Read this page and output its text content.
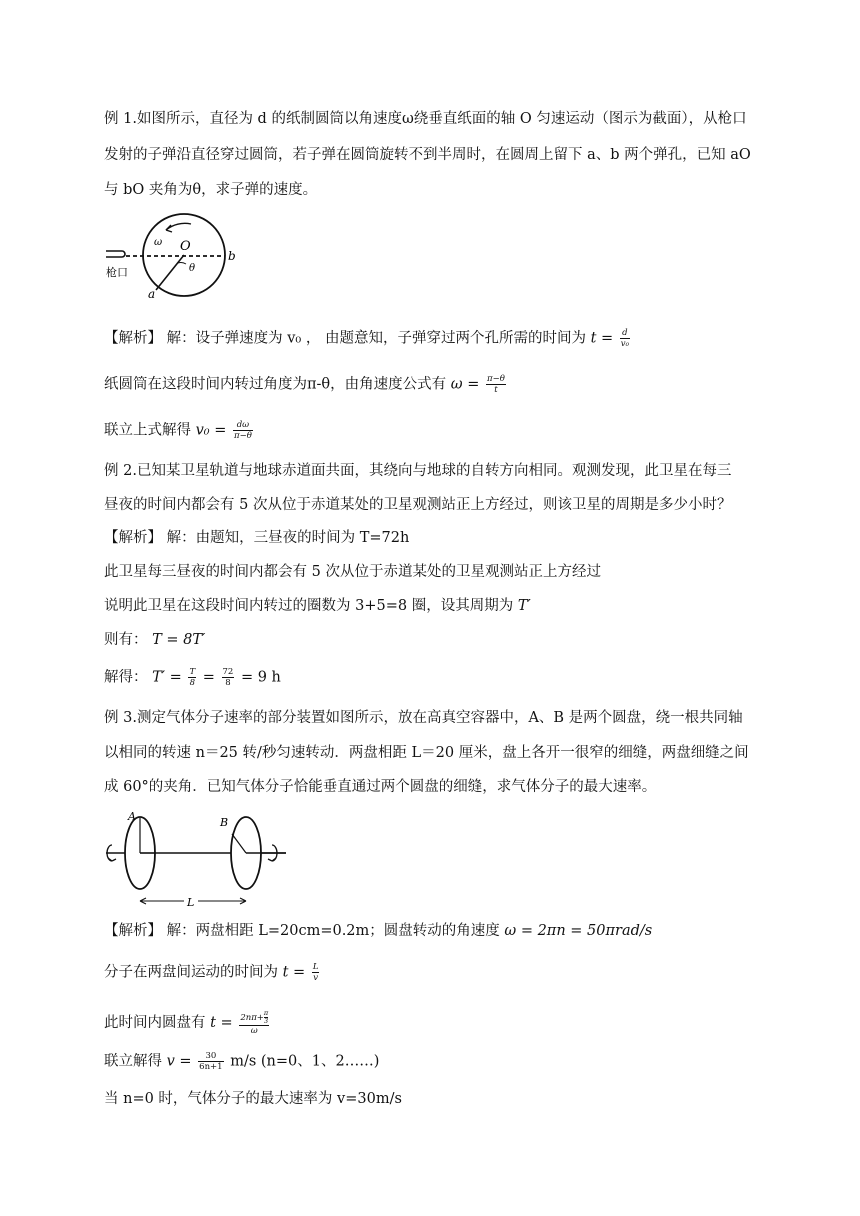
例 1.如图所示，直径为 d 的纸制圆筒以角速度ω绕垂直纸面的轴 O 匀速运动（图示为截面），从枪口
发射的子弹沿直径穿过圆筒，若子弹在圆筒旋转不到半周时，在圆周上留下 a、b 两个弹孔，已知 aO
与 bO 夹角为θ，求子弹的速度。
枪口
ω O
θ
b
a
【解析】 解：设子弹速度为 v₀ ， 由题意知，子弹穿过两个孔所需的时间为 $t = \frac{d}{\text{v₀}}$
纸圆筒在这段时间内转过角度为π-θ，由角速度公式有 $\omega = \frac{\pi-\theta}{t}$
联立上式解得 $v_0 = \frac{d\omega}{\pi-\theta}$
例 2.已知某卫星轨道与地球赤道面共面，其绕向与地球的自转方向相同。观测发现，此卫星在每三
昼夜的时间内都会有 5 次从位于赤道某处的卫星观测站正上方经过，则该卫星的周期是多少小时？
【解析】 解：由题知，三昼夜的时间为 T=72h
此卫星每三昼夜的时间内都会有 5 次从位于赤道某处的卫星观测站正上方经过
说明此卫星在这段时间内转过的圈数为 3+5=8 圈，设其周期为 T′
则有： T = 8T′
解得： $T' = \frac{T}{8} = \frac{72}{8} = 9$ h
例 3.测定气体分子速率的部分装置如图所示，放在高真空容器中，A、B 是两个圆盘，绕一根共同轴
以相同的转速 n＝25 转/秒匀速转动．两盘相距 L＝20 厘米，盘上各开一很窄的细缝，两盘细缝之间
成 60°的夹角．已知气体分子恰能垂直通过两个圆盘的细缝，求气体分子的最大速率。
A	B
L
【解析】 解：两盘相距 L=20cm=0.2m；圆盘转动的角速度 ω = 2πn = 50πrad/s
分子在两盘间运动的时间为 $t = \frac{L}{v}$
此时间内圆盘有 $t = \frac{2n\pi+ \frac{\pi}{3}}{\omega}$
联立解得 $v = \frac{30}{6n+1} m/s$ (n=0、1、2……)
当 n=0 时，气体分子的最大速率为 v=30m/s
